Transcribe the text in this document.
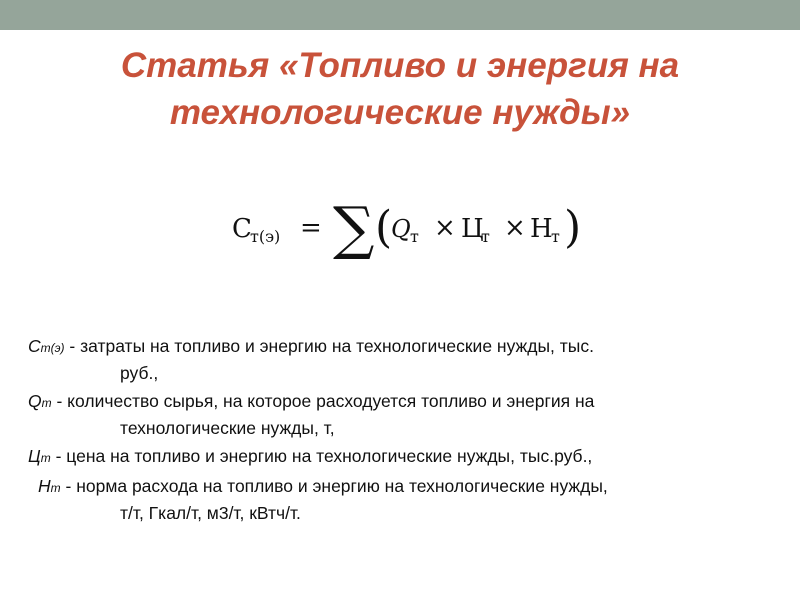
Статья «Топливо и энергия на
технологические нужды»
С
т(э) = ∑ (
Q т × Ц
т × Н
т )
Ст(э) - затраты на топливо и энергию на технологические нужды, тыс.
руб.,
Qт - количество сырья, на которое расходуется топливо и энергия на
технологические нужды, т,
Цт - цена на топливо и энергию на технологические нужды, тыс.руб.,
Нт - норма расхода на топливо и энергию на технологические нужды,
т/т, Гкал/т, м3/т, кВтч/т.
